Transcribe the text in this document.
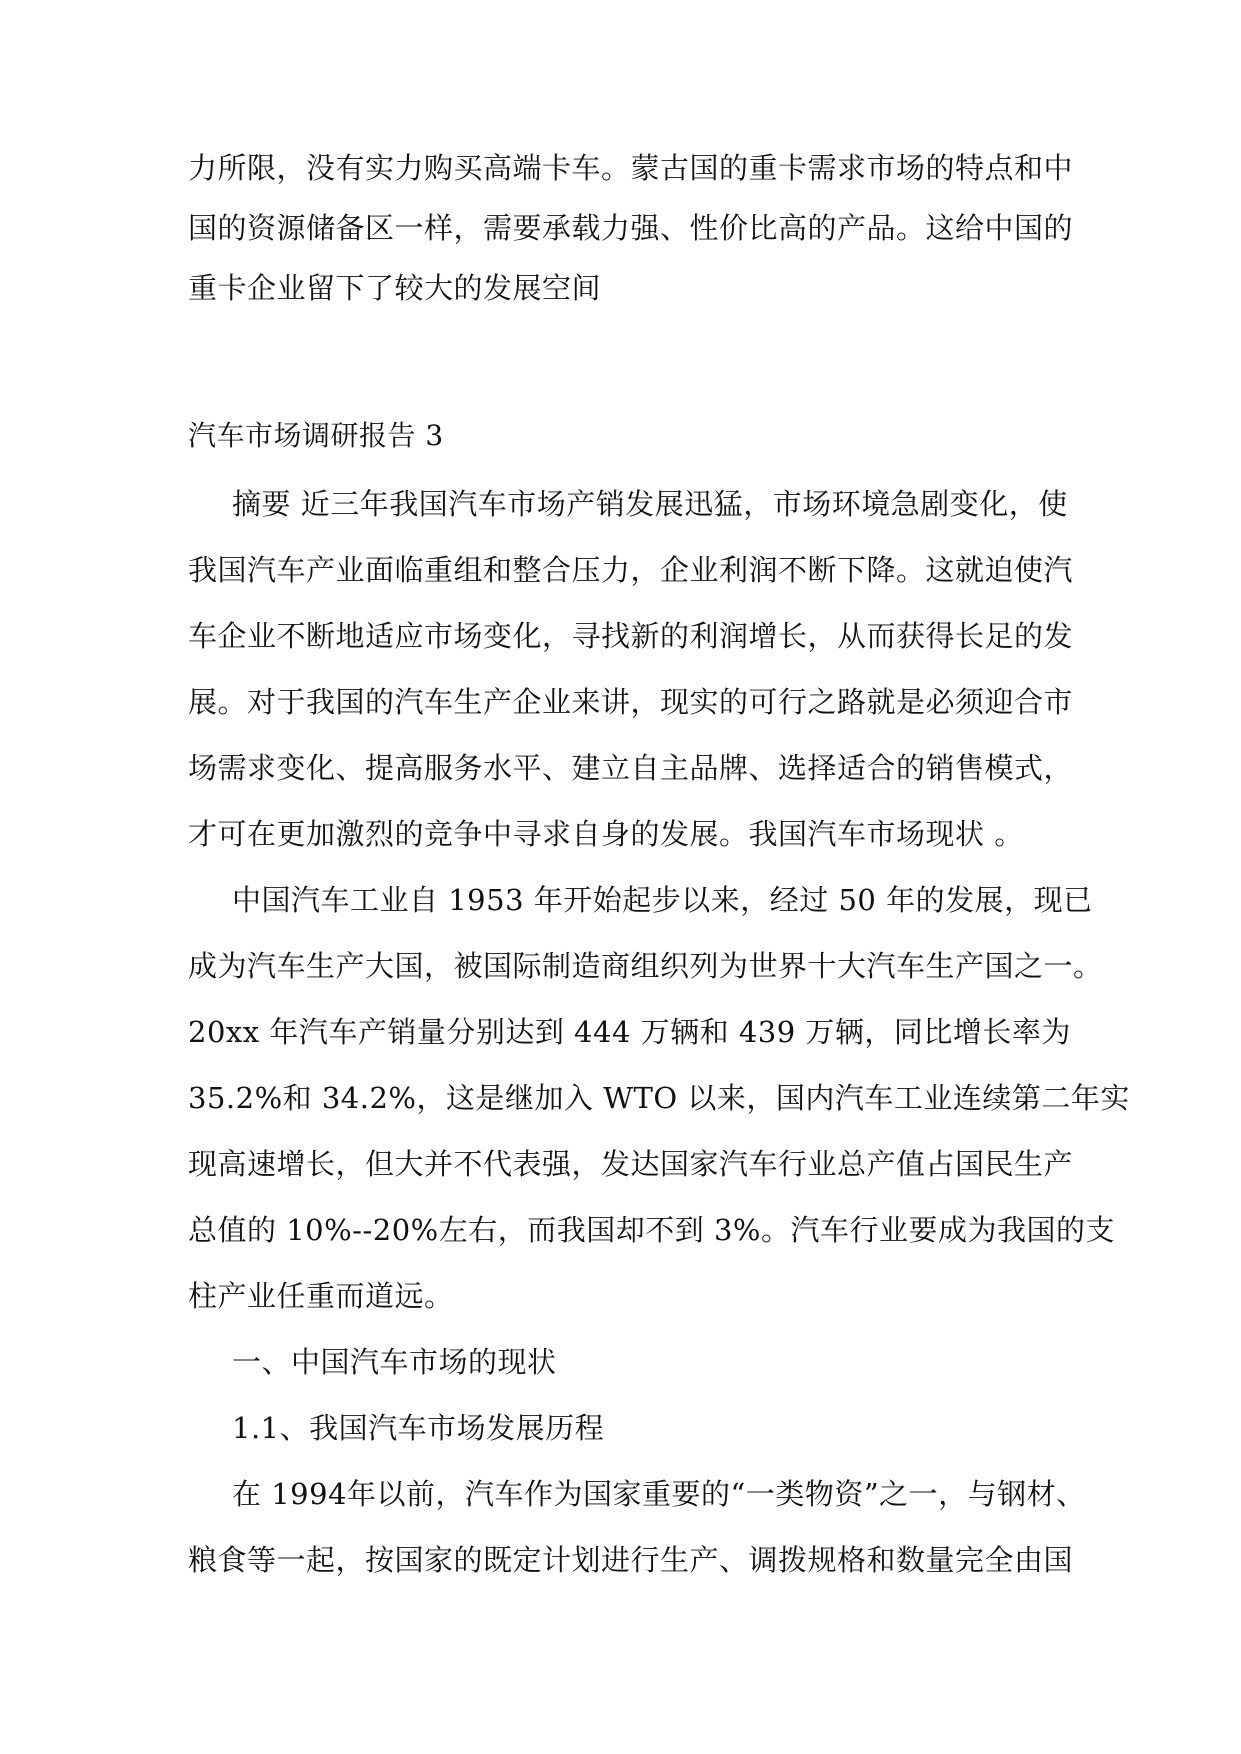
力所限，没有实力购买高端卡车。蒙古国的重卡需求市场的特点和中
国的资源储备区一样，需要承载力强、性价比高的产品。这给中国的
重卡企业留下了较大的发展空间
汽车市场调研报告 3
摘要 近三年我国汽车市场产销发展迅猛，市场环境急剧变化，使
我国汽车产业面临重组和整合压力，企业利润不断下降。这就迫使汽
车企业不断地适应市场变化，寻找新的利润增长，从而获得长足的发
展。对于我国的汽车生产企业来讲，现实的可行之路就是必须迎合市
场需求变化、提高服务水平、建立自主品牌、选择适合的销售模式，
才可在更加激烈的竞争中寻求自身的发展。我国汽车市场现状 。
中国汽车工业自 1953 年开始起步以来，经过 50 年的发展，现已
成为汽车生产大国，被国际制造商组织列为世界十大汽车生产国之一。
20xx 年汽车产销量分别达到 444 万辆和 439 万辆，同比增长率为
35.2%和 34.2%，这是继加入 WTO 以来，国内汽车工业连续第二年实
现高速增长，但大并不代表强，发达国家汽车行业总产值占国民生产
总值的 10%--20%左右，而我国却不到 3%。汽车行业要成为我国的支
柱产业任重而道远。
一、中国汽车市场的现状
1.1、我国汽车市场发展历程
在 1994年以前，汽车作为国家重要的“一类物资”之一，与钢材、
粮食等一起，按国家的既定计划进行生产、调拨规格和数量完全由国
